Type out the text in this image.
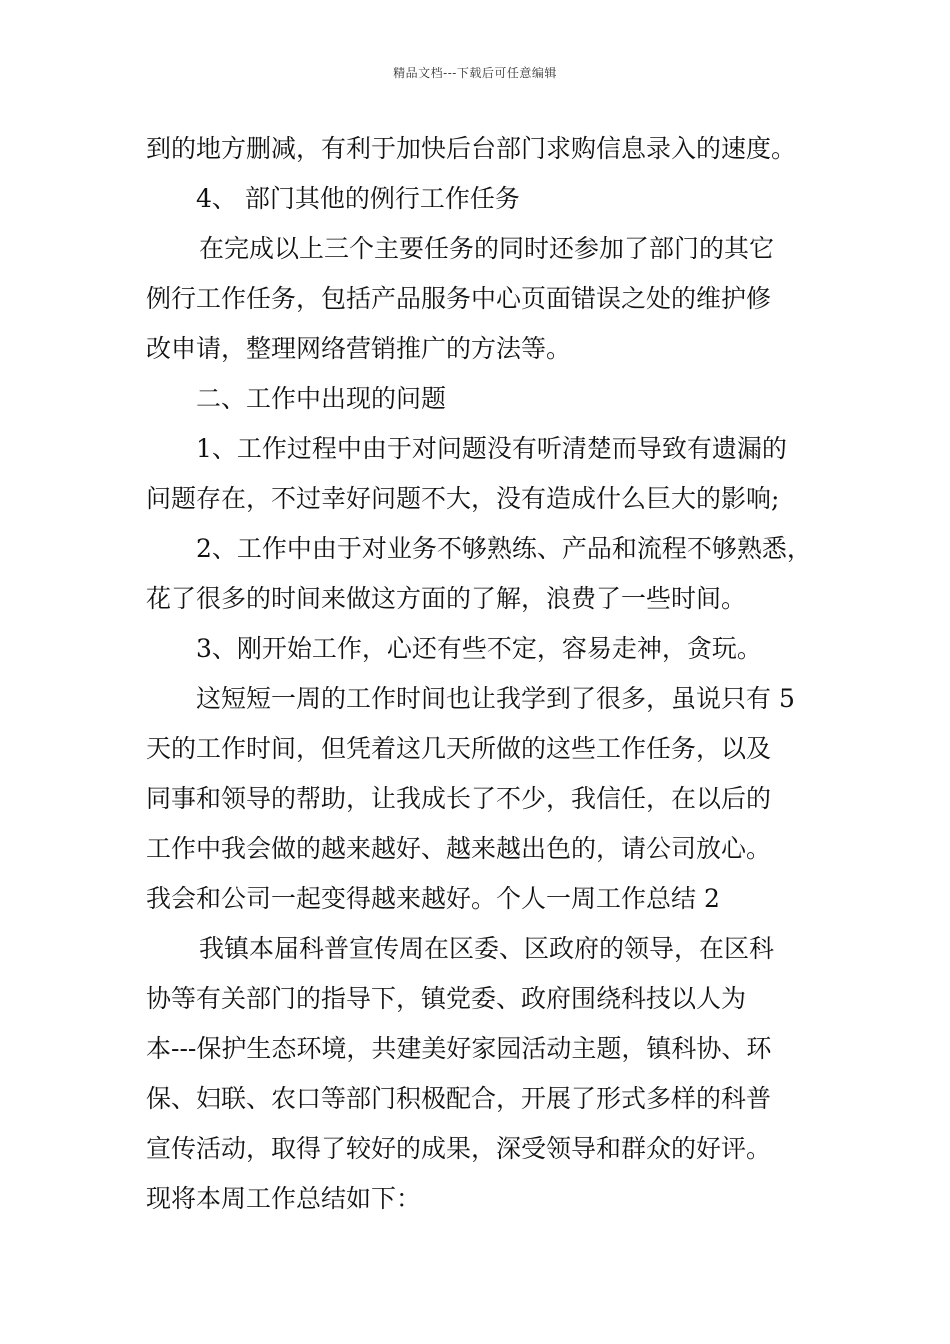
精品文档---下载后可任意编辑
到的地方删减，有利于加快后台部门求购信息录入的速度。
4、 部门其他的例行工作任务
在完成以上三个主要任务的同时还参加了部门的其它
例行工作任务，包括产品服务中心页面错误之处的维护修
改申请，整理网络营销推广的方法等。
二、工作中出现的问题
1、工作过程中由于对问题没有听清楚而导致有遗漏的
问题存在，不过幸好问题不大，没有造成什么巨大的影响;
2、工作中由于对业务不够熟练、产品和流程不够熟悉，
花了很多的时间来做这方面的了解，浪费了一些时间。
3、刚开始工作，心还有些不定，容易走神，贪玩。
这短短一周的工作时间也让我学到了很多，虽说只有 5
天的工作时间，但凭着这几天所做的这些工作任务，以及
同事和领导的帮助，让我成长了不少，我信任，在以后的
工作中我会做的越来越好、越来越出色的，请公司放心。
我会和公司一起变得越来越好。个人一周工作总结 2
我镇本届科普宣传周在区委、区政府的领导，在区科
协等有关部门的指导下，镇党委、政府围绕科技以人为
本---保护生态环境，共建美好家园活动主题，镇科协、环
保、妇联、农口等部门积极配合，开展了形式多样的科普
宣传活动，取得了较好的成果，深受领导和群众的好评。
现将本周工作总结如下：
